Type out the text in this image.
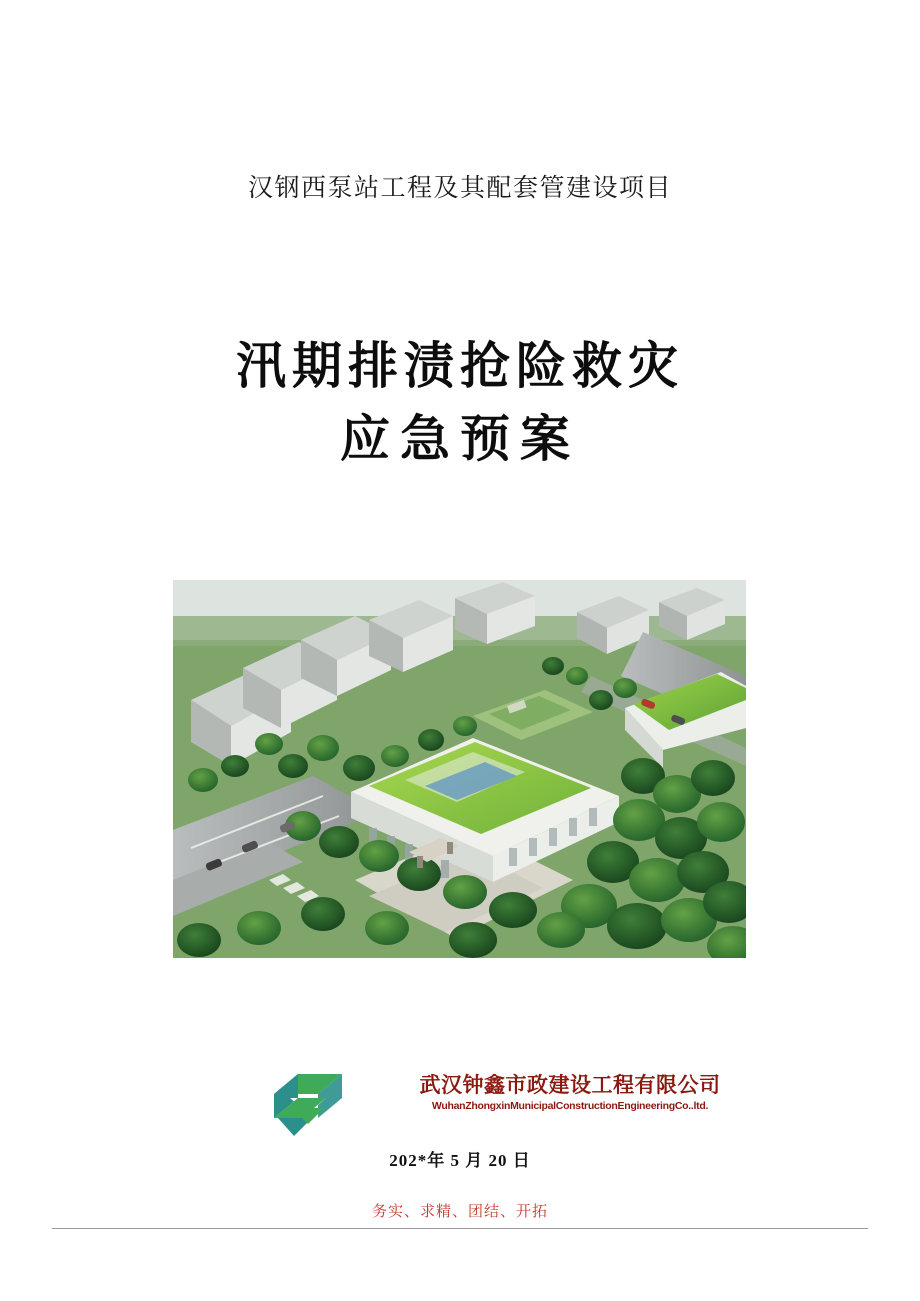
汉钢西泵站工程及其配套管建设项目
汛期排渍抢险救灾
应急预案
武汉钟鑫市政建设工程有限公司
WuhanZhongxinMunicipalConstructionEngineeringCo..ltd.
202*年 5 月 20 日
务实、求精、团结、开拓
